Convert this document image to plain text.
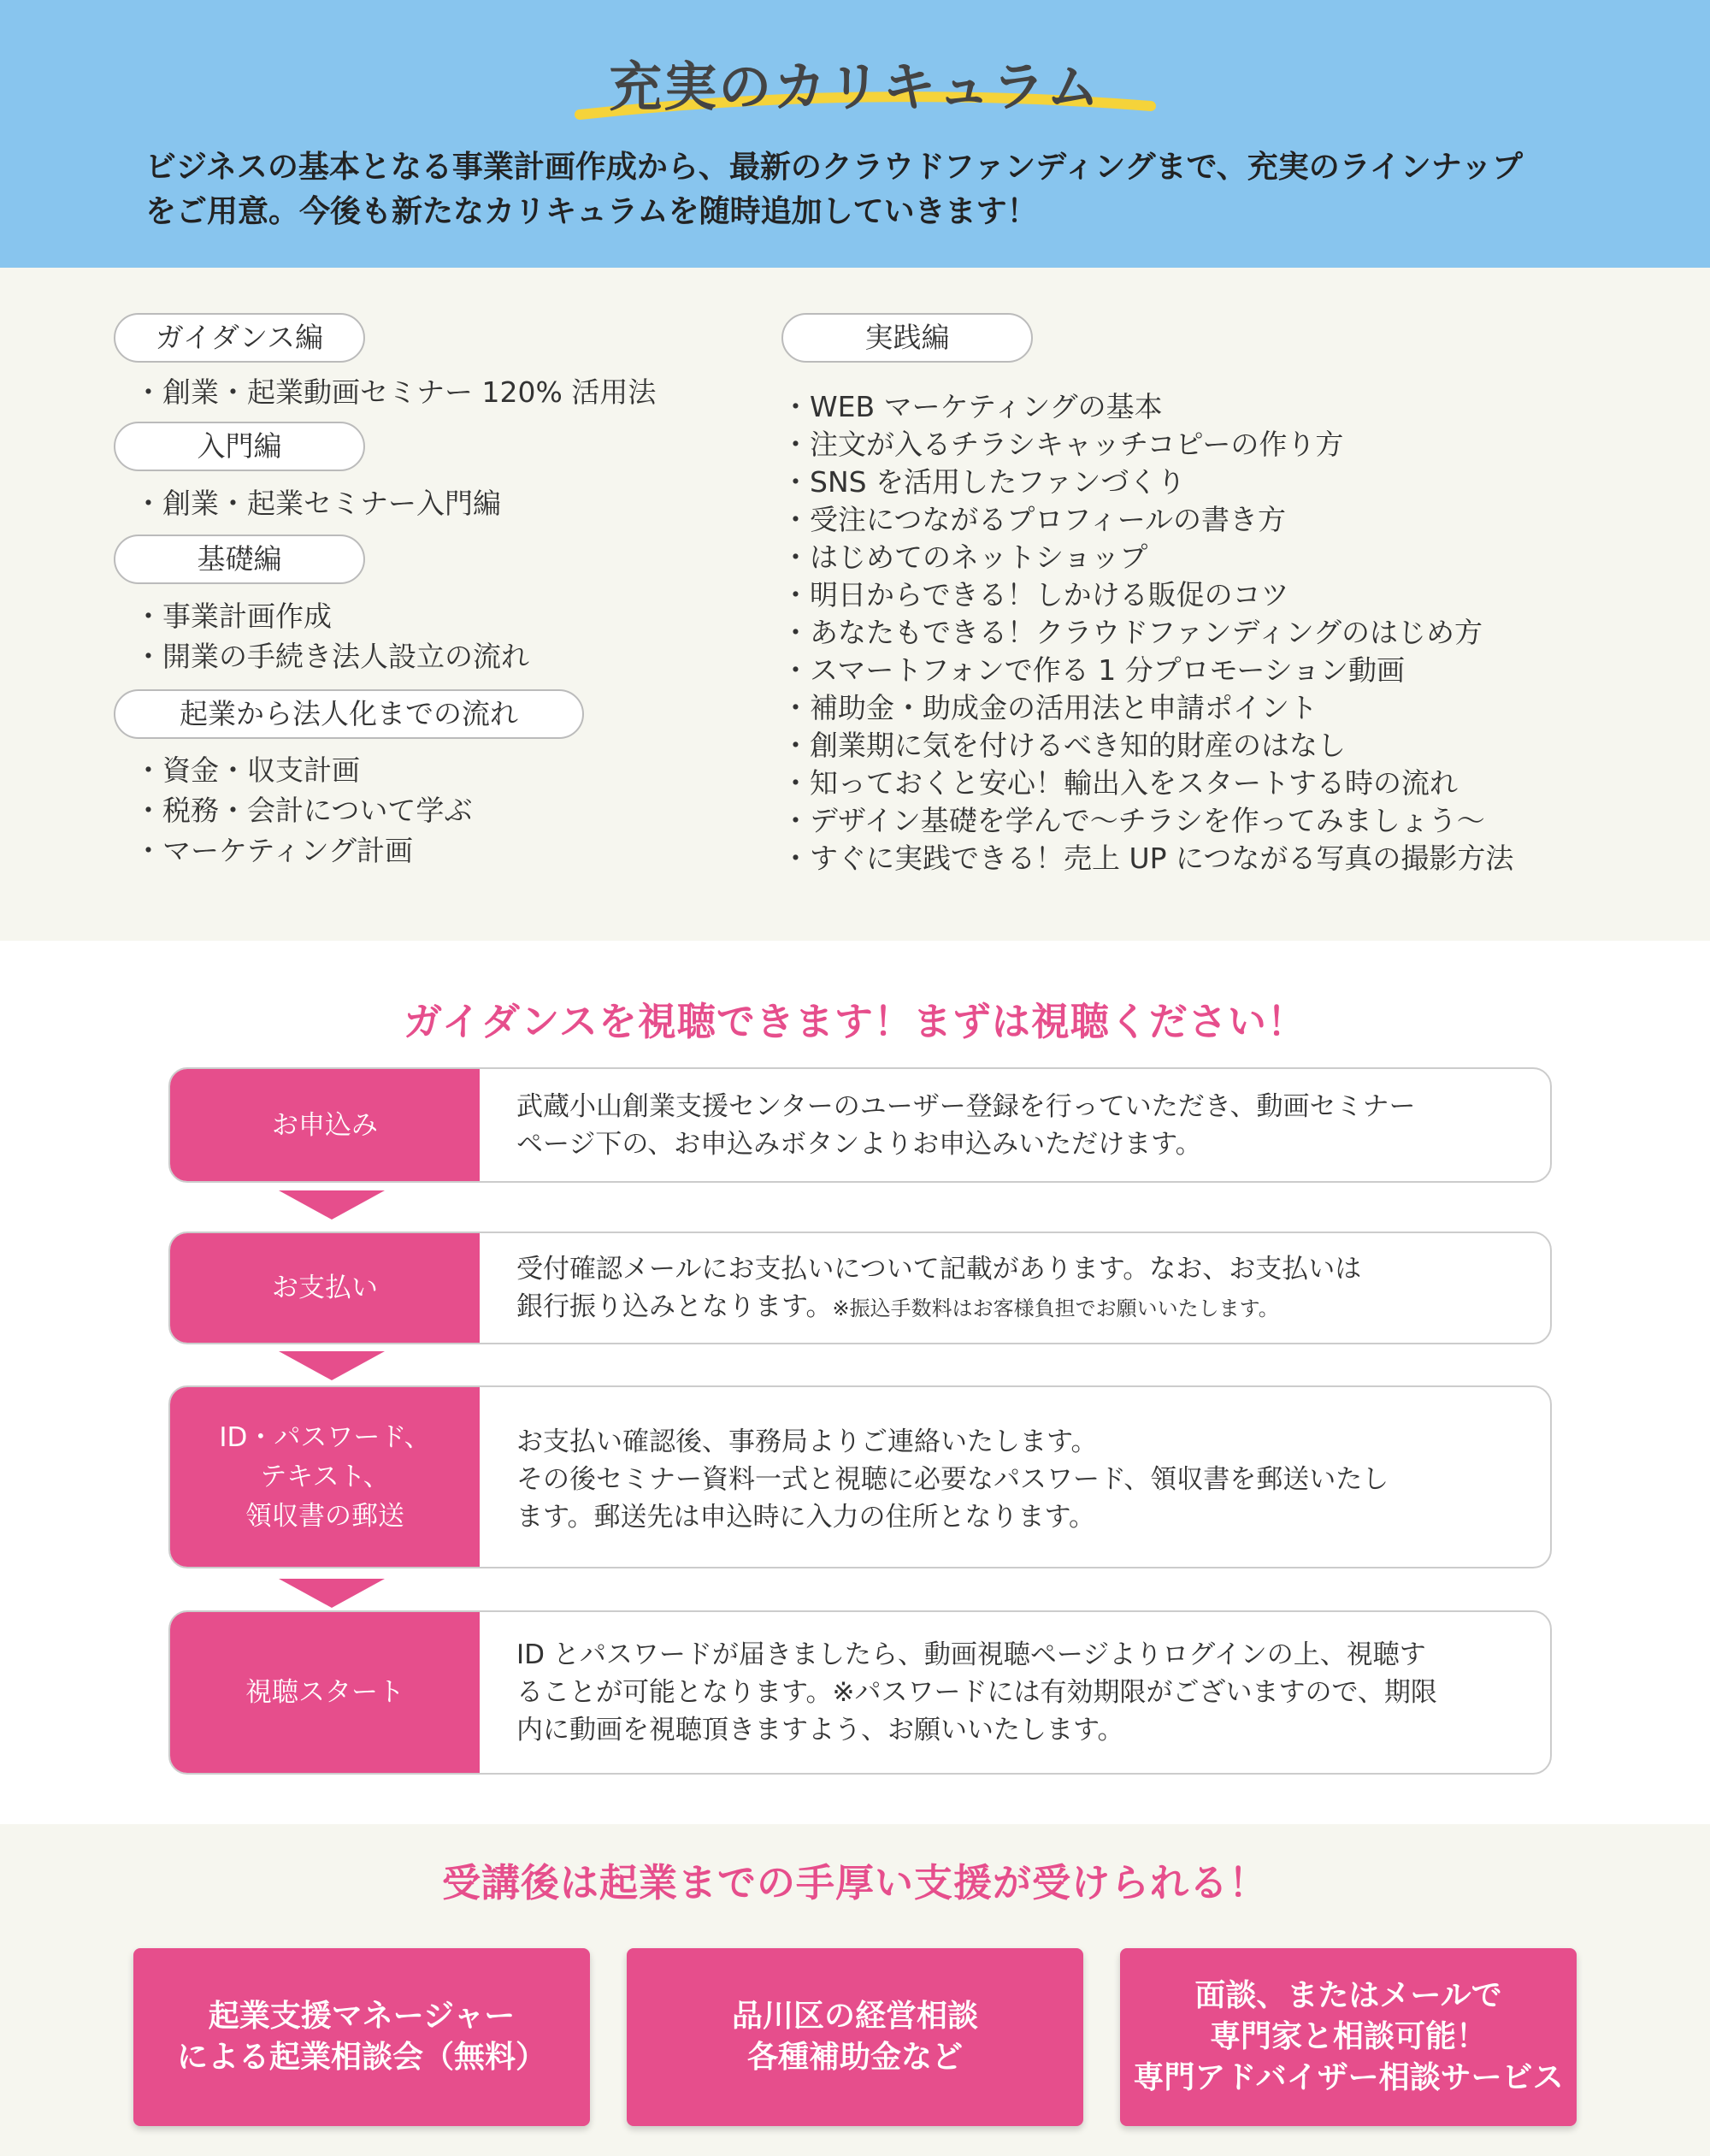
充実のカリキュラム
ビジネスの基本となる事業計画作成から、最新のクラウドファンディングまで、充実のラインナップ
をご用意。今後も新たなカリキュラムを随時追加していきます！
ガイダンス編
・創業・起業動画セミナー 120% 活用法
入門編
・創業・起業セミナー入門編
基礎編
・事業計画作成
・開業の手続き法人設立の流れ
起業から法人化までの流れ
・資金・収支計画
・税務・会計について学ぶ
・マーケティング計画
実践編
・WEB マーケティングの基本
・注文が入るチラシキャッチコピーの作り方
・SNS を活用したファンづくり
・受注につながるプロフィールの書き方
・はじめてのネットショップ
・明日からできる！しかける販促のコツ
・あなたもできる！クラウドファンディングのはじめ方
・スマートフォンで作る 1 分プロモーション動画
・補助金・助成金の活用法と申請ポイント
・創業期に気を付けるべき知的財産のはなし
・知っておくと安心！輸出入をスタートする時の流れ
・デザイン基礎を学んで〜チラシを作ってみましょう〜
・すぐに実践できる！売上 UP につながる写真の撮影方法
ガイダンスを視聴できます！まずは視聴ください！
お申込み
武蔵小山創業支援センターのユーザー登録を行っていただき、動画セミナー
ページ下の、お申込みボタンよりお申込みいただけます。
お支払い
受付確認メールにお支払いについて記載があります。なお、お支払いは
銀行振り込みとなります。※振込手数料はお客様負担でお願いいたします。
ID・パスワード、
テキスト、
領収書の郵送
お支払い確認後、事務局よりご連絡いたします。
その後セミナー資料一式と視聴に必要なパスワード、領収書を郵送いたし
ます。郵送先は申込時に入力の住所となります。
視聴スタート
ID とパスワードが届きましたら、動画視聴ページよりログインの上、視聴す
ることが可能となります。※パスワードには有効期限がございますので、期限
内に動画を視聴頂きますよう、お願いいたします。
受講後は起業までの手厚い支援が受けられる！
起業支援マネージャー
による起業相談会（無料）
品川区の経営相談
各種補助金など
面談、またはメールで
専門家と相談可能！
専門アドバイザー相談サービス
